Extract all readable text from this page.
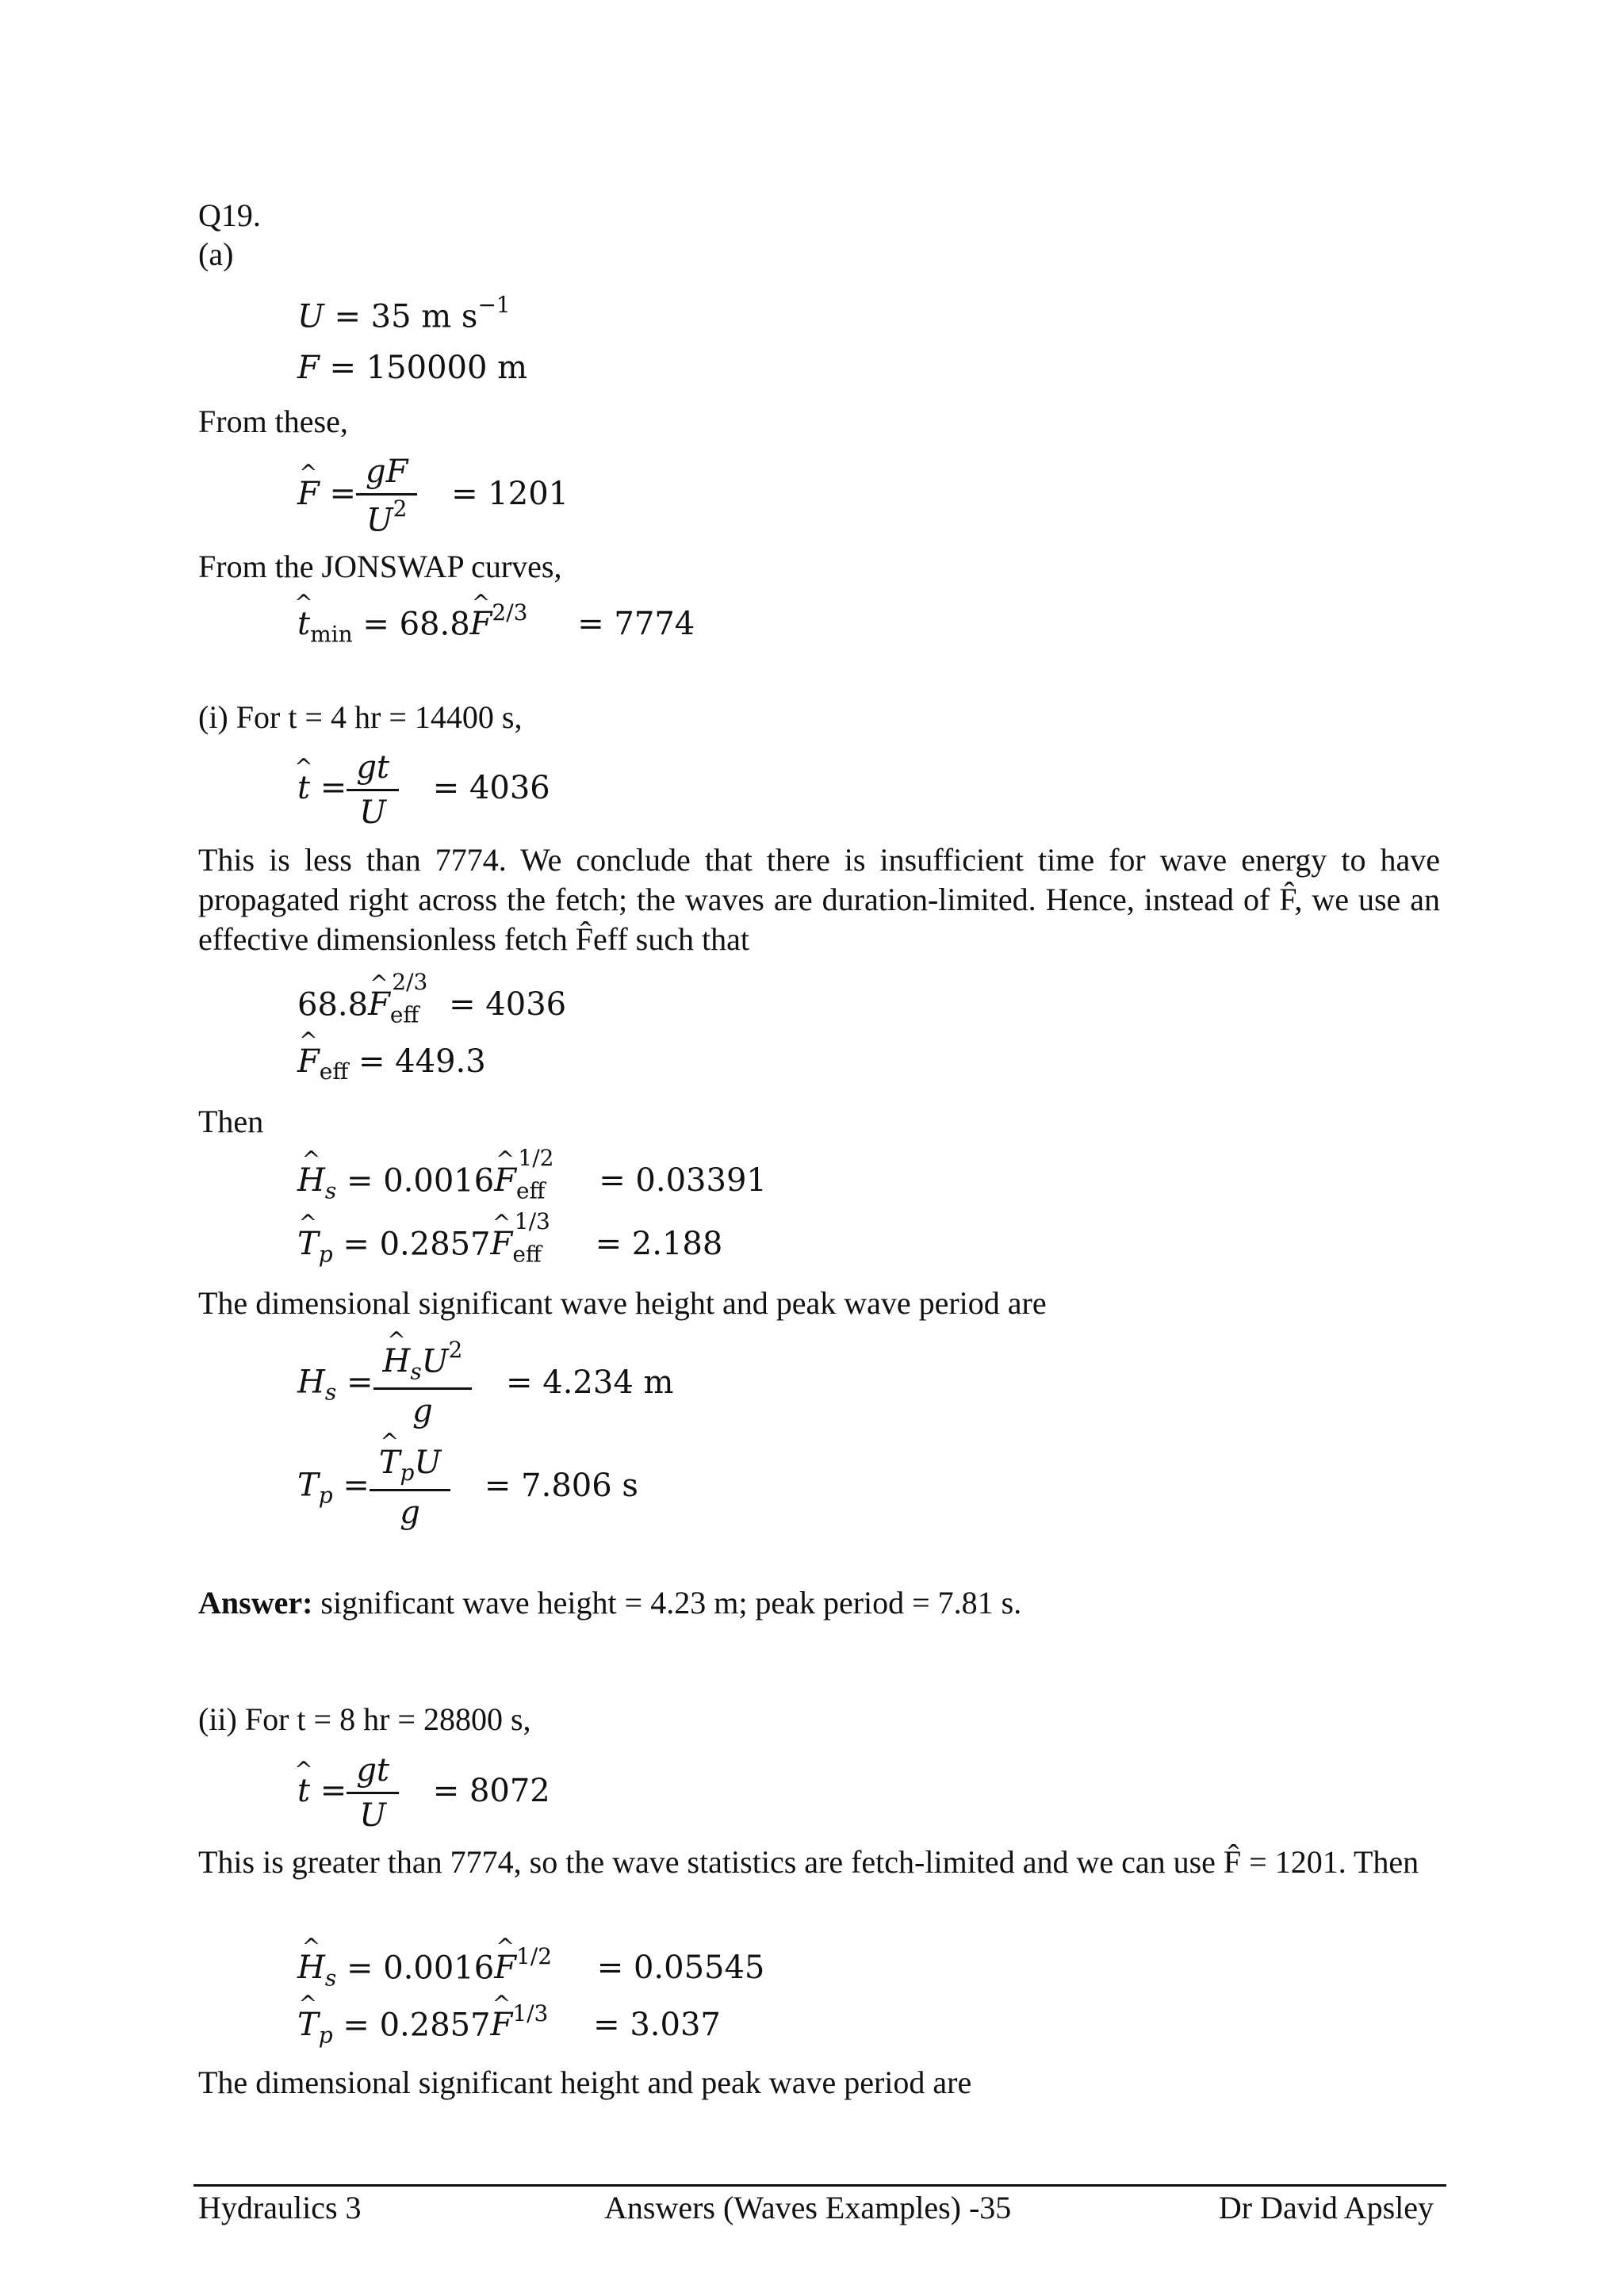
Q19.
(a)
U = 35 m $s^{-1}$
F = 150000 m
From these,
^ $F = \frac{gF}{U^2} = 1201$
From the JONSWAP curves,
^ $t_{min}$ = 68.8^ $F^{2/3} = 7774$
(i) For t = 4 hr = 14400 s,
^ $t = \frac{gt}{U} = 4036$
This is less than 7774. We conclude that there is insufficient time for wave energy to have propagated right across the fetch; the waves are duration-limited. Hence, instead of F̂, we use an effective dimensionless fetch F̂eff such that
68.8^ $F_{eff}^{2/3} = 4036$
^ $F_{eff} = 449.3$
Then
^ $H_s$ = 0.0016^ $F_{eff}^{1/2} = 0.03391$
^ $T_p$ = 0.2857^ $F_{eff}^{1/3} = 2.188$
The dimensional significant wave height and peak wave period are
$H_s$ = ^ $\frac{H_sU^2}{g} = 4.234$ m
$T_p$ = ^ $\frac{T_pU}{g} = 7.806$ s
Answer: significant wave height = 4.23 m; peak period = 7.81 s.
(ii) For t = 8 hr = 28800 s,
^ $t = \frac{gt}{U} = 8072$
This is greater than 7774, so the wave statistics are fetch-limited and we can use F̂ = 1201. Then
^ $H_s$ = 0.0016^ $F^{1/2} = 0.05545$
^ $T_p$ = 0.2857^ $F^{1/3} = 3.037$
The dimensional significant height and peak wave period are
Hydraulics 3	Answers (Waves Examples) -35	Dr David Apsley
